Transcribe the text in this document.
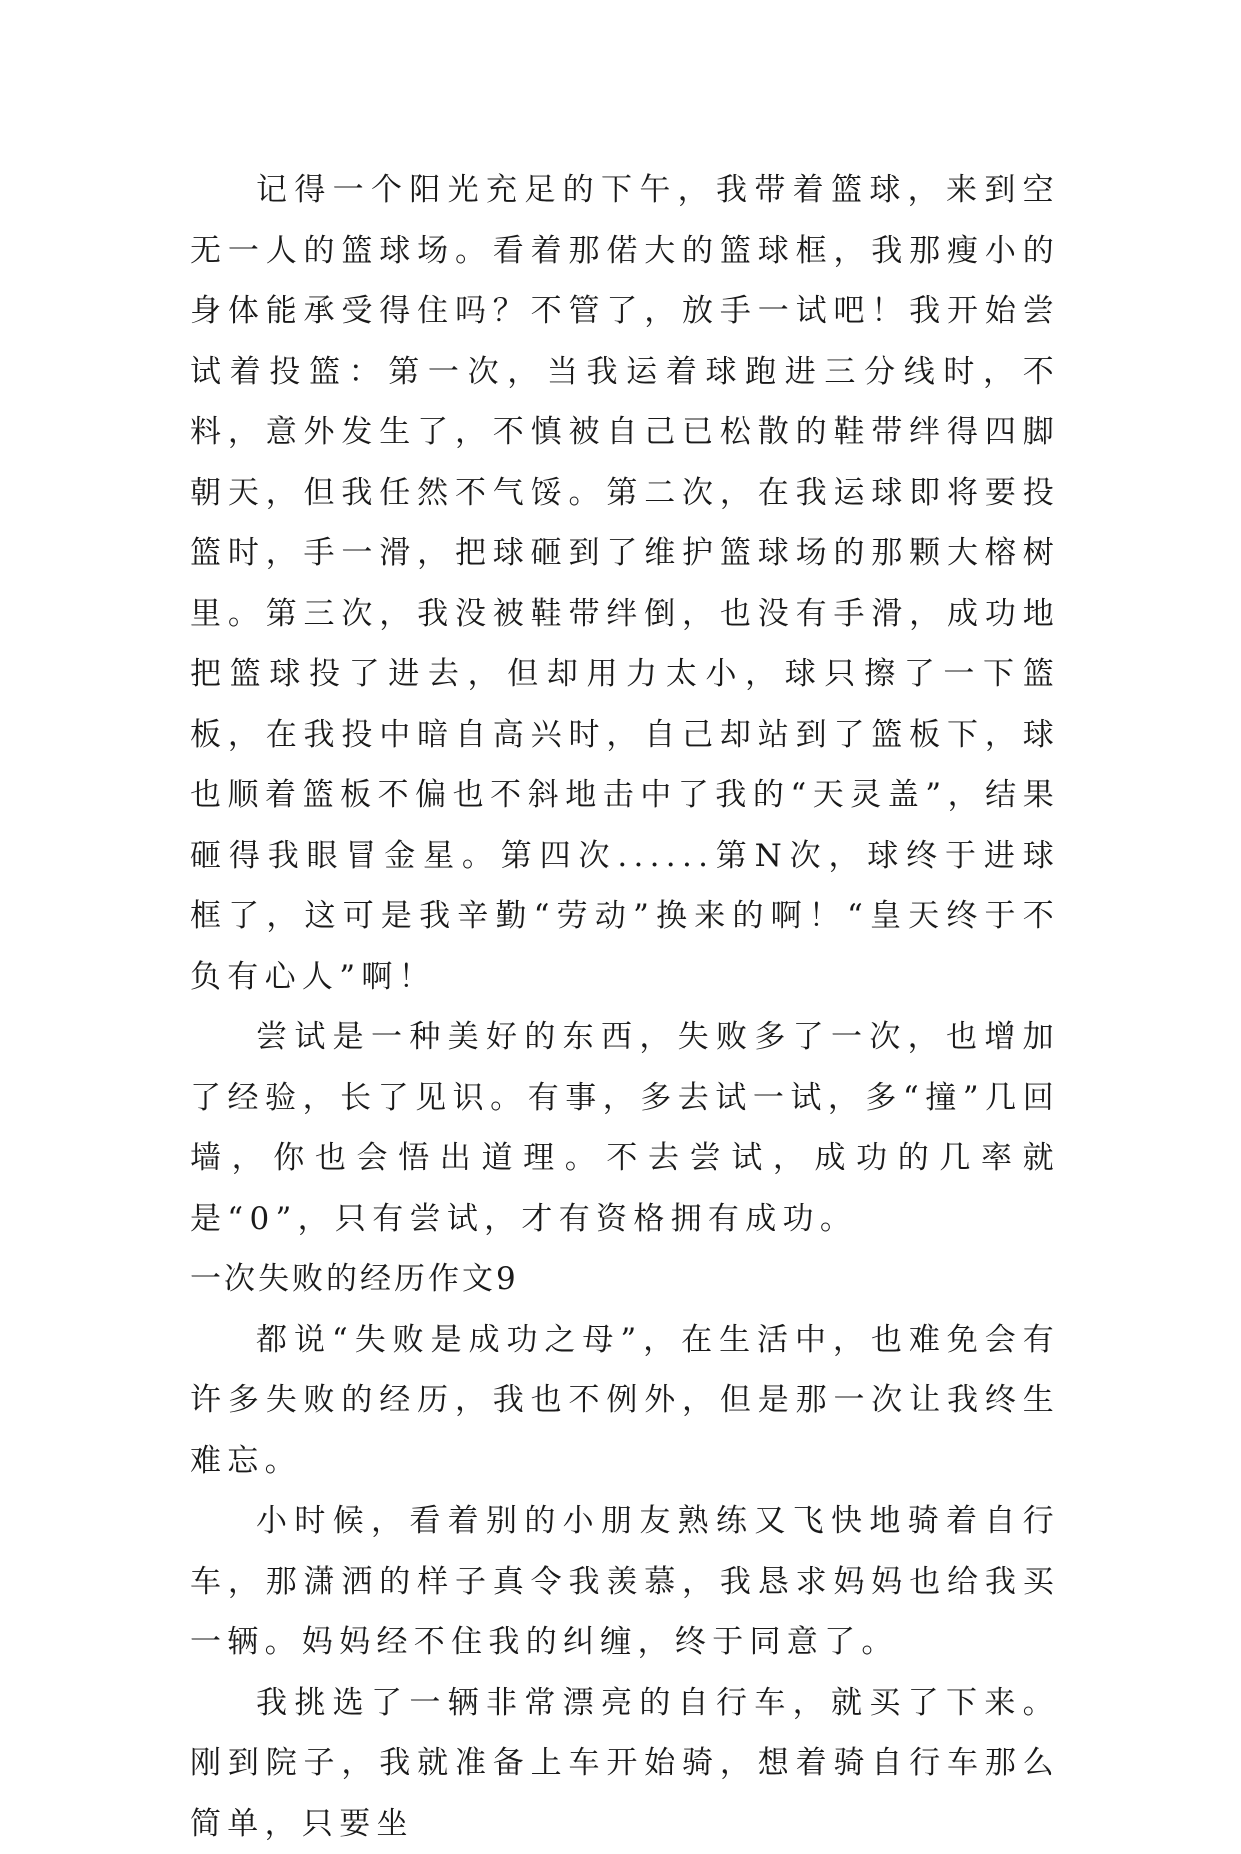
记得一个阳光充足的下午，我带着篮球，来到空无一人的篮球场。看着那偌大的篮球框，我那瘦小的身体能承受得住吗？不管了，放手一试吧！我开始尝试着投篮：第一次，当我运着球跑进三分线时，不料，意外发生了，不慎被自己已松散的鞋带绊得四脚朝天，但我任然不气馁。第二次，在我运球即将要投篮时，手一滑，把球砸到了维护篮球场的那颗大榕树里。第三次，我没被鞋带绊倒，也没有手滑，成功地把篮球投了进去，但却用力太小，球只擦了一下篮板，在我投中暗自高兴时，自己却站到了篮板下，球也顺着篮板不偏也不斜地击中了我的“天灵盖”，结果砸得我眼冒金星。第四次......第N次，球终于进球框了，这可是我辛勤“劳动”换来的啊！“皇天终于不负有心人”啊！

尝试是一种美好的东西，失败多了一次，也增加了经验，长了见识。有事，多去试一试，多“撞”几回墙，你也会悟出道理。不去尝试，成功的几率就是“0”，只有尝试，才有资格拥有成功。

一次失败的经历作文9

都说“失败是成功之母”，在生活中，也难免会有许多失败的经历，我也不例外，但是那一次让我终生难忘。

小时候，看着别的小朋友熟练又飞快地骑着自行车，那潇洒的样子真令我羡慕，我恳求妈妈也给我买一辆。妈妈经不住我的纠缠，终于同意了。

我挑选了一辆非常漂亮的自行车，就买了下来。刚到院子，我就准备上车开始骑，想着骑自行车那么简单，只要坐
